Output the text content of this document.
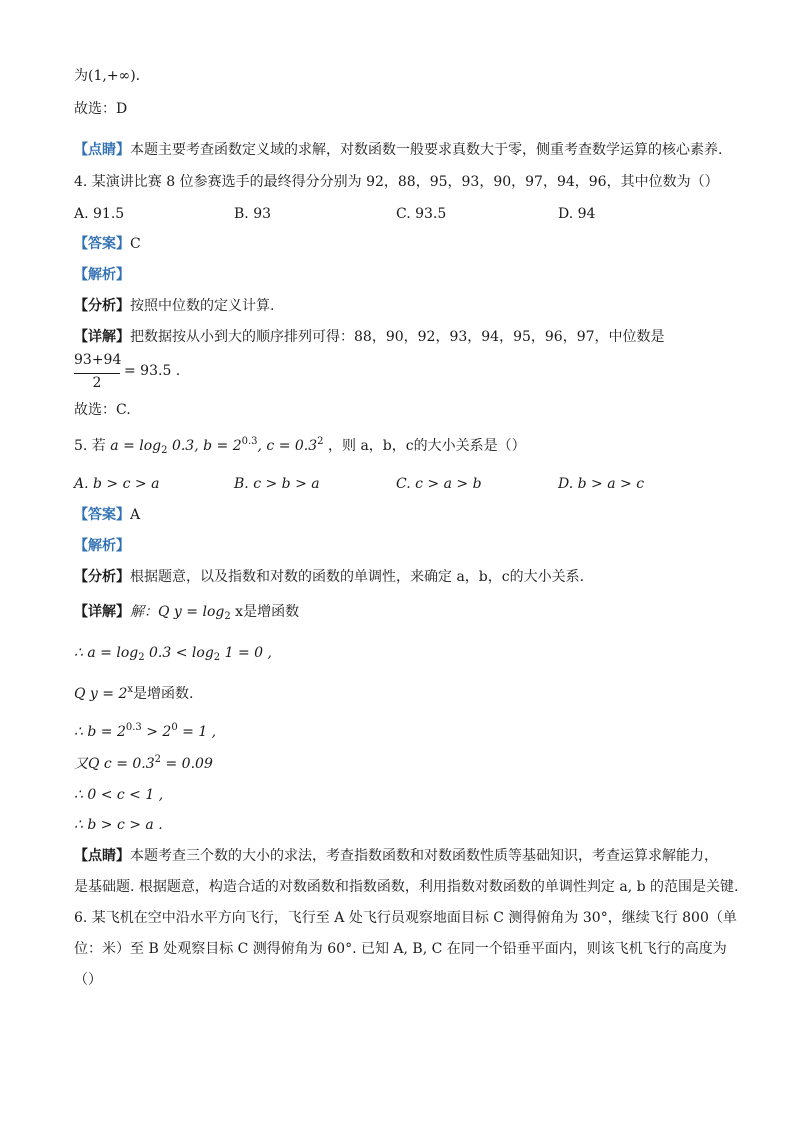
为(1,+∞).
故选：D
【点睛】本题主要考查函数定义域的求解，对数函数一般要求真数大于零，侧重考查数学运算的核心素养.
4. 某演讲比赛 8 位参赛选手的最终得分分别为 92，88，95，93，90，97，94，96，其中位数为（）
A. 91.5	B. 93	C. 93.5	D. 94
【答案】C
【解析】
【分析】按照中位数的定义计算.
【详解】把数据按从小到大的顺序排列可得：88，90，92，93，94，95，96，97，中位数是
93+94
2
= 93.5 .
故选：C.
5. 若 $a = \log_2 0.3$, $b = 2^{0.3}$, $c = 0.3^2$ ，则 a，b，c的大小关系是（）
A. b > c > a	B. c > b > a	C. c > a > b	D. b > a > c
【答案】A
【解析】
【分析】根据题意，以及指数和对数的函数的单调性，来确定 a，b，c的大小关系.
【详解】解：Q $y = \log_2 x$是增函数
∴ $a = \log_2 0.3 < \log_2 1 = 0$ ,
Q $y = 2^x$是增函数.
∴ $b = 2^{0.3} > 2^0 = 1$ ,
又Q $c = 0.3^2 = 0.09$
∴ 0 < c < 1 ,
∴ b > c > a .
【点睛】本题考查三个数的大小的求法，考查指数函数和对数函数性质等基础知识，考查运算求解能力，
是基础题. 根据题意，构造合适的对数函数和指数函数，利用指数对数函数的单调性判定 a, b 的范围是关键.
6. 某飞机在空中沿水平方向飞行，飞行至 A 处飞行员观察地面目标 C 测得俯角为 30°，继续飞行 800（单
位：米）至 B 处观察目标 C 测得俯角为 60°. 已知 A, B, C 在同一个铅垂平面内，则该飞机飞行的高度为
（）
